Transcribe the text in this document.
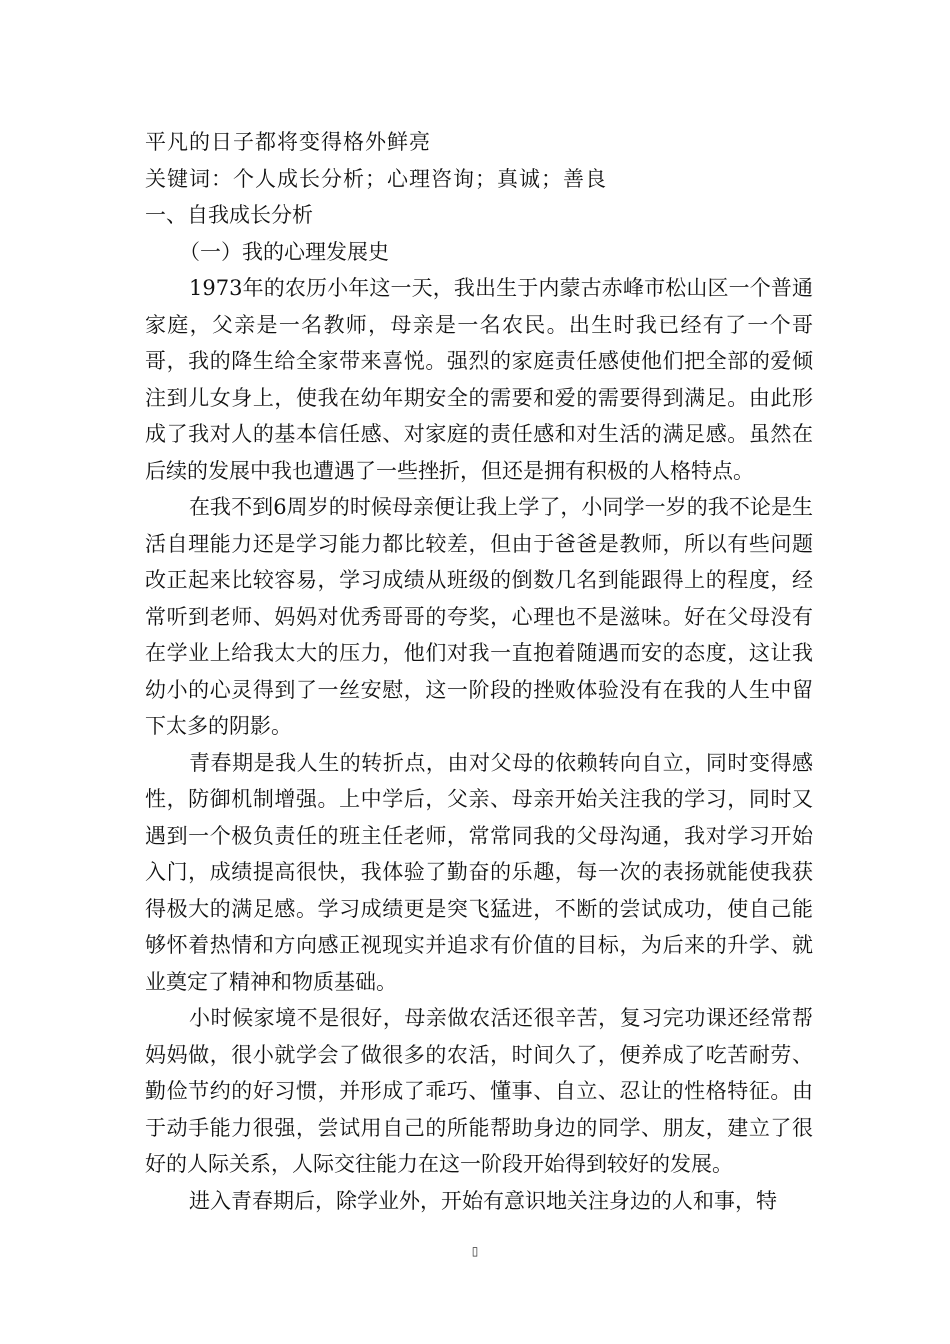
平凡的日子都将变得格外鲜亮

关键词：个人成长分析；心理咨询；真诚；善良

一、自我成长分析

（一）我的心理发展史

1973年的农历小年这一天，我出生于内蒙古赤峰市松山区一个普通家庭，父亲是一名教师，母亲是一名农民。出生时我已经有了一个哥哥，我的降生给全家带来喜悦。强烈的家庭责任感使他们把全部的爱倾注到儿女身上，使我在幼年期安全的需要和爱的需要得到满足。由此形成了我对人的基本信任感、对家庭的责任感和对生活的满足感。虽然在后续的发展中我也遭遇了一些挫折，但还是拥有积极的人格特点。

在我不到6周岁的时候母亲便让我上学了，小同学一岁的我不论是生活自理能力还是学习能力都比较差，但由于爸爸是教师，所以有些问题改正起来比较容易，学习成绩从班级的倒数几名到能跟得上的程度，经常听到老师、妈妈对优秀哥哥的夸奖，心理也不是滋味。好在父母没有在学业上给我太大的压力，他们对我一直抱着随遇而安的态度，这让我幼小的心灵得到了一丝安慰，这一阶段的挫败体验没有在我的人生中留下太多的阴影。

青春期是我人生的转折点，由对父母的依赖转向自立，同时变得感性，防御机制增强。上中学后，父亲、母亲开始关注我的学习，同时又遇到一个极负责任的班主任老师，常常同我的父母沟通，我对学习开始入门，成绩提高很快，我体验了勤奋的乐趣，每一次的表扬就能使我获得极大的满足感。学习成绩更是突飞猛进，不断的尝试成功，使自己能够怀着热情和方向感正视现实并追求有价值的目标，为后来的升学、就业奠定了精神和物质基础。

小时候家境不是很好，母亲做农活还很辛苦，复习完功课还经常帮妈妈做，很小就学会了做很多的农活，时间久了，便养成了吃苦耐劳、勤俭节约的好习惯，并形成了乖巧、懂事、自立、忍让的性格特征。由于动手能力很强，尝试用自己的所能帮助身边的同学、朋友，建立了很好的人际关系，人际交往能力在这一阶段开始得到较好的发展。

进入青春期后，除学业外，开始有意识地关注身边的人和事，特

▯
